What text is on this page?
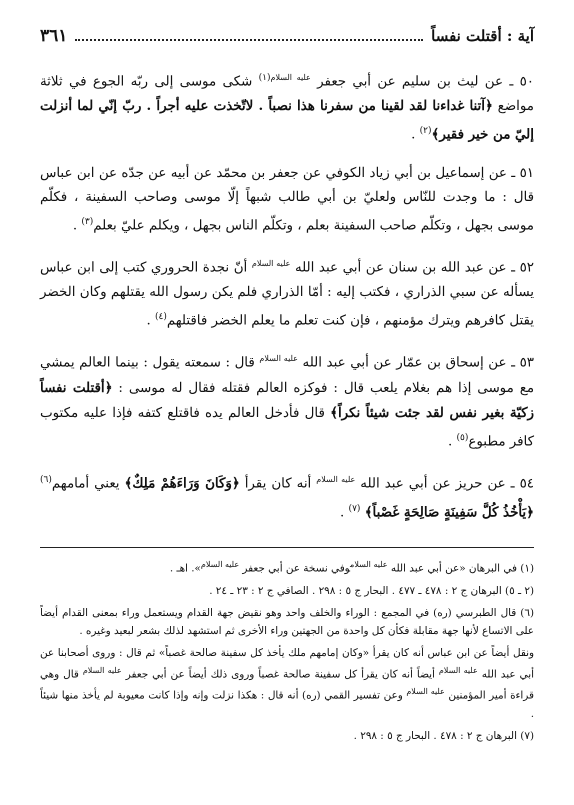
آية : أقتلت نفساً
٣٦١

٥٠ ـ عن ليث بن سليم عن أبي جعفر $^{عليه السلام(١)}$ شكى موسى إلى ربّه الجوع في ثلاثة مواضع ﴿آتنا غداءنا لقد لقينا من سفرنا هذا نصباً . لاتّخذت عليه أجراً . ربّ إنّي لما أنزلت إليّ من خير فقير﴾$^{(٢)}$ .

٥١ ـ عن إسماعيل بن أبي زياد الكوفي عن جعفر بن محمّد عن أبيه عن جدّه عن ابن عباس قال : ما وجدت للنّاس ولعليّ بن أبي طالب شبهاً إلّا موسى وصاحب السفينة ، فكلّم موسى بجهل ، وتكلّم صاحب السفينة بعلم ، وتكلّم الناس بجهل ، ويكلم عليّ بعلم$^{(٣)}$ .

٥٢ ـ عن عبد الله بن سنان عن أبي عبد الله $^{عليه السلام}$ أنّ نجدة الحروري كتب إلى ابن عباس يسأله عن سبي الذراري ، فكتب إليه : أمّا الذراري فلم يكن رسول الله يقتلهم وكان الخضر يقتل كافرهم ويترك مؤمنهم ، فإن كنت تعلم ما يعلم الخضر فاقتلهم$^{(٤)}$ .

٥٣ ـ عن إسحاق بن عمّار عن أبي عبد الله $^{عليه السلام}$ قال : سمعته يقول : بينما العالم يمشي مع موسى إذا هم بغلام يلعب قال : فوكزه العالم فقتله فقال له موسى : ﴿أقتلت نفساً زكيّة بغير نفس لقد جئت شيئاً نكراً﴾ قال فأدخل العالم يده فاقتلع كتفه فإذا عليه مكتوب كافر مطبوع$^{(٥)}$ .

٥٤ ـ عن حريز عن أبي عبد الله $^{عليه السلام}$ أنه كان يقرأ ﴿وَكَانَ وَرَاءَهُمْ مَلِكٌ﴾ يعني أمامهم$^{(٦)}$ ﴿يَأْخُذُ كُلَّ سَفِينَةٍ صَالِحَةٍ غَصْباً﴾ $^{(٧)}$ .

(١) في البرهان «عن أبي عبد الله $^{عليه السلام}$وفي نسخة عن أبي جعفر $^{عليه السلام}$». اهـ .

(٢ ـ ٥) البرهان ج ٢ : ٤٧٨ ـ ٤٧٧ . البحار ج ٥ : ٢٩٨ . الصافي ج ٢ : ٢٣ ـ ٢٤ .

(٦) قال الطبرسي (ره) في المجمع : الوراء والخلف واحد وهو نقيض جهة القدام ويستعمل وراء بمعنى القدام أيضاً على الاتساع لأنها جهة مقابلة فكأن كل واحدة من الجهتين وراء الأخرى ثم استشهد لذلك بشعر لبعيد وغيره .

ونقل أيضاً عن ابن عباس أنه كان يقرأ «وكان إمامهم ملك يأخذ كل سفينة صالحة غصباً» ثم قال : وروى أصحابنا عن أبي عبد الله $^{عليه السلام}$ أيضاً أنه كان يقرأ كل سفينة صالحة غصباً وروى ذلك أيضاً عن أبي جعفر $^{عليه السلام}$ قال وهي قراءة أمير المؤمنين $^{عليه السلام}$ وعن تفسير القمي (ره) أنه قال : هكذا نزلت وإنه وإذا كانت معيوبة لم يأخذ منها شيئاً .

(٧) البرهان ج ٢ : ٤٧٨ . البحار ج ٥ : ٢٩٨ .
